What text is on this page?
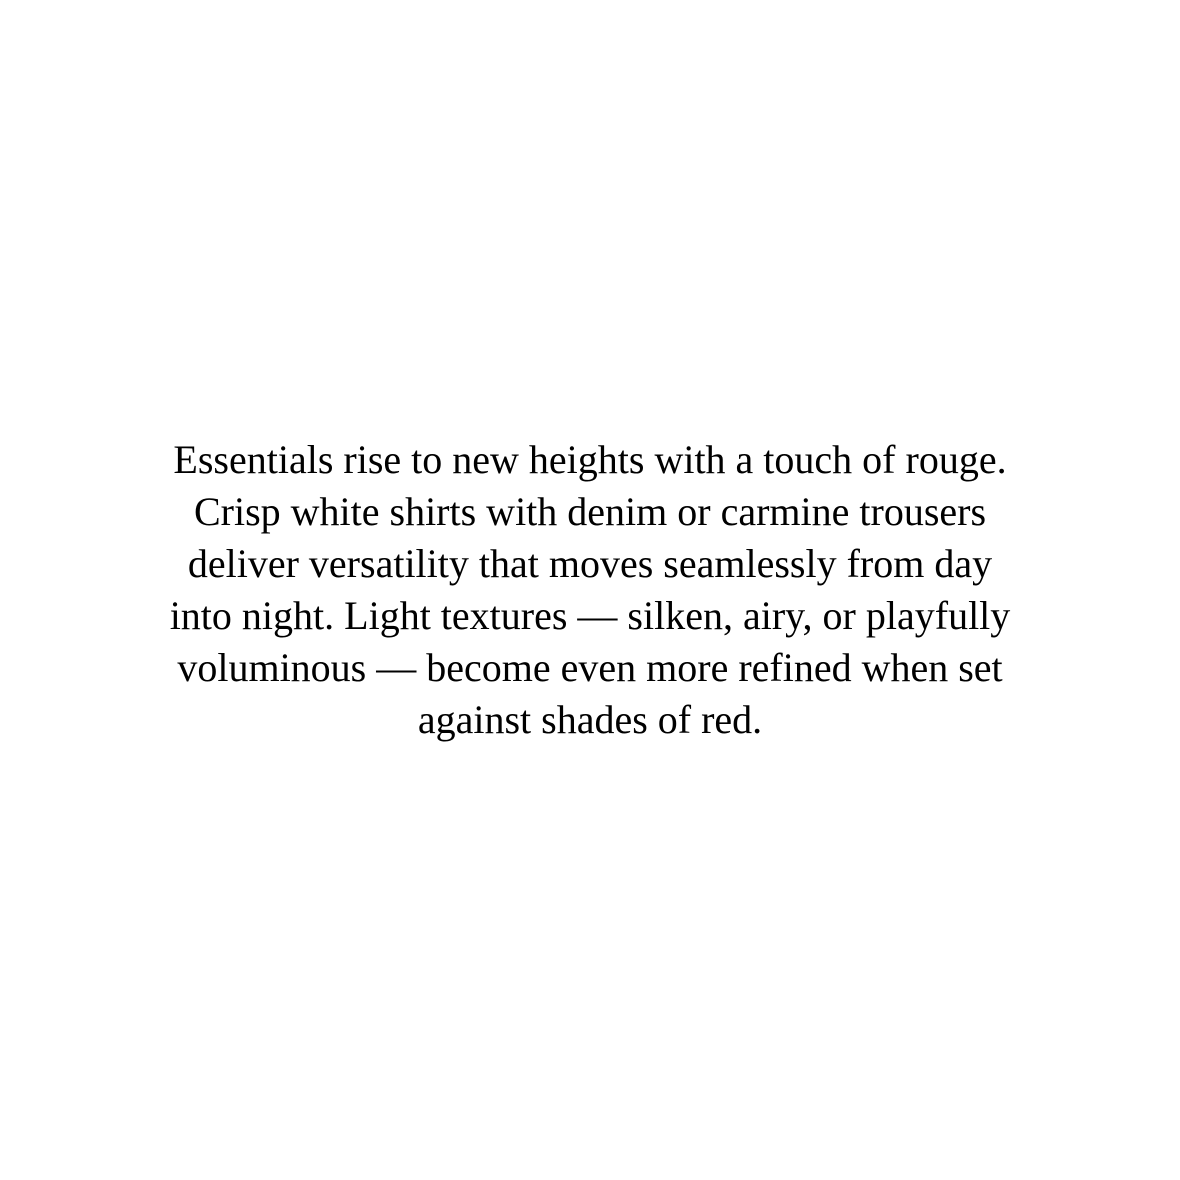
Essentials rise to new heights with a touch of rouge.
Crisp white shirts with denim or carmine trousers
deliver versatility that moves seamlessly from day
into night. Light textures — silken, airy, or playfully
voluminous — become even more refined when set
against shades of red.
